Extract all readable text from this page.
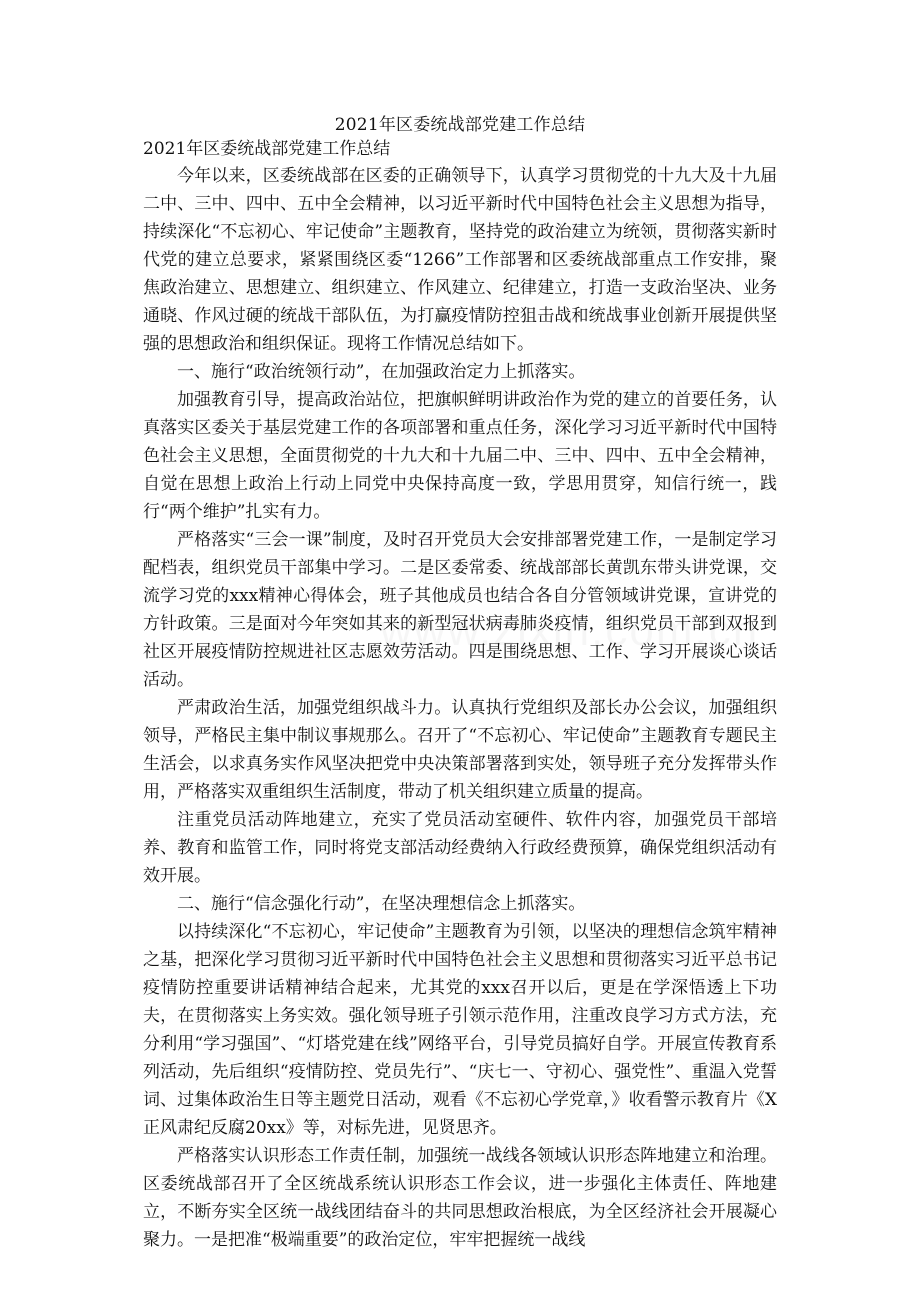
2021年区委统战部党建工作总结
2021年区委统战部党建工作总结

今年以来，区委统战部在区委的正确领导下，认真学习贯彻党的十九大及十九届二中、三中、四中、五中全会精神，以习近平新时代中国特色社会主义思想为指导，持续深化“不忘初心、牢记使命”主题教育，坚持党的政治建立为统领，贯彻落实新时代党的建立总要求，紧紧围绕区委“1266”工作部署和区委统战部重点工作安排，聚焦政治建立、思想建立、组织建立、作风建立、纪律建立，打造一支政治坚决、业务通晓、作风过硬的统战干部队伍，为打赢疫情防控狙击战和统战事业创新开展提供坚强的思想政治和组织保证。现将工作情况总结如下。

一、施行“政治统领行动”，在加强政治定力上抓落实。

加强教育引导，提高政治站位，把旗帜鲜明讲政治作为党的建立的首要任务，认真落实区委关于基层党建工作的各项部署和重点任务，深化学习习近平新时代中国特色社会主义思想，全面贯彻党的十九大和十九届二中、三中、四中、五中全会精神，自觉在思想上政治上行动上同党中央保持高度一致，学思用贯穿，知信行统一，践行“两个维护”扎实有力。

严格落实“三会一课”制度，及时召开党员大会安排部署党建工作，一是制定学习配档表，组织党员干部集中学习。二是区委常委、统战部部长黄凯东带头讲党课，交流学习党的xxx精神心得体会，班子其他成员也结合各自分管领域讲党课，宣讲党的方针政策。三是面对今年突如其来的新型冠状病毒肺炎疫情，组织党员干部到双报到社区开展疫情防控规进社区志愿效劳活动。四是围绕思想、工作、学习开展谈心谈话活动。

严肃政治生活，加强党组织战斗力。认真执行党组织及部长办公会议，加强组织领导，严格民主集中制议事规那么。召开了“不忘初心、牢记使命”主题教育专题民主生活会，以求真务实作风坚决把党中央决策部署落到实处，领导班子充分发挥带头作用，严格落实双重组织生活制度，带动了机关组织建立质量的提高。

注重党员活动阵地建立，充实了党员活动室硬件、软件内容，加强党员干部培养、教育和监管工作，同时将党支部活动经费纳入行政经费预算，确保党组织活动有效开展。

二、施行“信念强化行动”，在坚决理想信念上抓落实。

以持续深化“不忘初心，牢记使命”主题教育为引领，以坚决的理想信念筑牢精神之基，把深化学习贯彻习近平新时代中国特色社会主义思想和贯彻落实习近平总书记疫情防控重要讲话精神结合起来，尤其党的xxx召开以后，更是在学深悟透上下功夫，在贯彻落实上务实效。强化领导班子引领示范作用，注重改良学习方式方法，充分利用“学习强国”、“灯塔党建在线”网络平台，引导党员搞好自学。开展宣传教育系列活动，先后组织“疫情防控、党员先行”、“庆七一、守初心、强党性”、重温入党誓词、过集体政治生日等主题党日活动，观看《不忘初心学党章，》收看警示教育片《X正风肃纪反腐20xx》等，对标先进，见贤思齐。

严格落实认识形态工作责任制，加强统一战线各领域认识形态阵地建立和治理。区委统战部召开了全区统战系统认识形态工作会议，进一步强化主体责任、阵地建立，不断夯实全区统一战线团结奋斗的共同思想政治根底，为全区经济社会开展凝心聚力。一是把准“极端重要”的政治定位，牢牢把握统一战线
